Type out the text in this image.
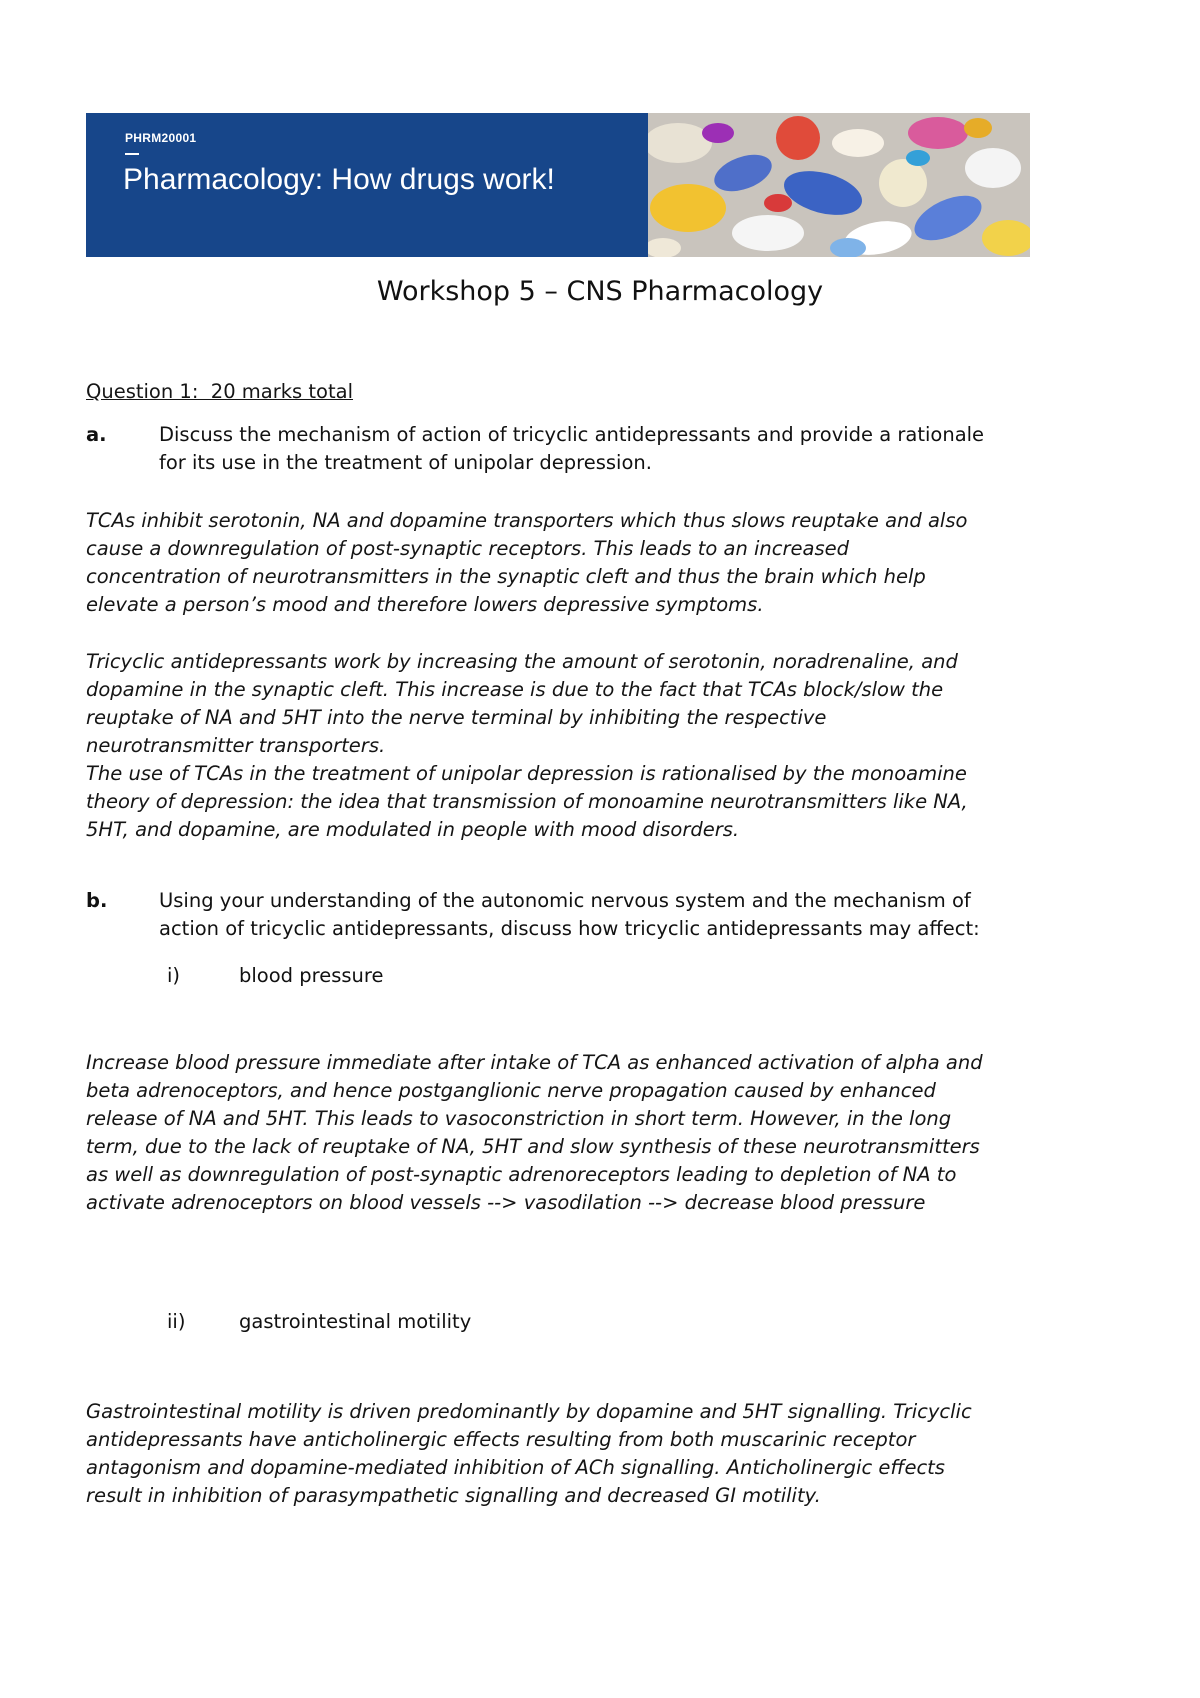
PHRM20001
Pharmacology: How drugs work!
Workshop 5 – CNS Pharmacology
Question 1:  20 marks total
a.	Discuss the mechanism of action of tricyclic antidepressants and provide a rationale
for its use in the treatment of unipolar depression.

TCAs inhibit serotonin, NA and dopamine transporters which thus slows reuptake and also

cause a downregulation of post-synaptic receptors. This leads to an increased

concentration of neurotransmitters in the synaptic cleft and thus the brain which help

elevate a person’s mood and therefore lowers depressive symptoms.

Tricyclic antidepressants work by increasing the amount of serotonin, noradrenaline, and

dopamine in the synaptic cleft. This increase is due to the fact that TCAs block/slow the

reuptake of NA and 5HT into the nerve terminal by inhibiting the respective

neurotransmitter transporters.

The use of TCAs in the treatment of unipolar depression is rationalised by the monoamine

theory of depression: the idea that transmission of monoamine neurotransmitters like NA,

5HT, and dopamine, are modulated in people with mood disorders.

b.	Using your understanding of the autonomic nervous system and the mechanism of
action of tricyclic antidepressants, discuss how tricyclic antidepressants may affect:
i)	blood pressure

Increase blood pressure immediate after intake of TCA as enhanced activation of alpha and

beta adrenoceptors, and hence postganglionic nerve propagation caused by enhanced

release of NA and 5HT. This leads to vasoconstriction in short term. However, in the long

term, due to the lack of reuptake of NA, 5HT and slow synthesis of these neurotransmitters

as well as downregulation of post-synaptic adrenoreceptors leading to depletion of NA to

activate adrenoceptors on blood vessels --> vasodilation --> decrease blood pressure

ii)	gastrointestinal motility

Gastrointestinal motility is driven predominantly by dopamine and 5HT signalling. Tricyclic

antidepressants have anticholinergic effects resulting from both muscarinic receptor

antagonism and dopamine-mediated inhibition of ACh signalling. Anticholinergic effects

result in inhibition of parasympathetic signalling and decreased GI motility.
